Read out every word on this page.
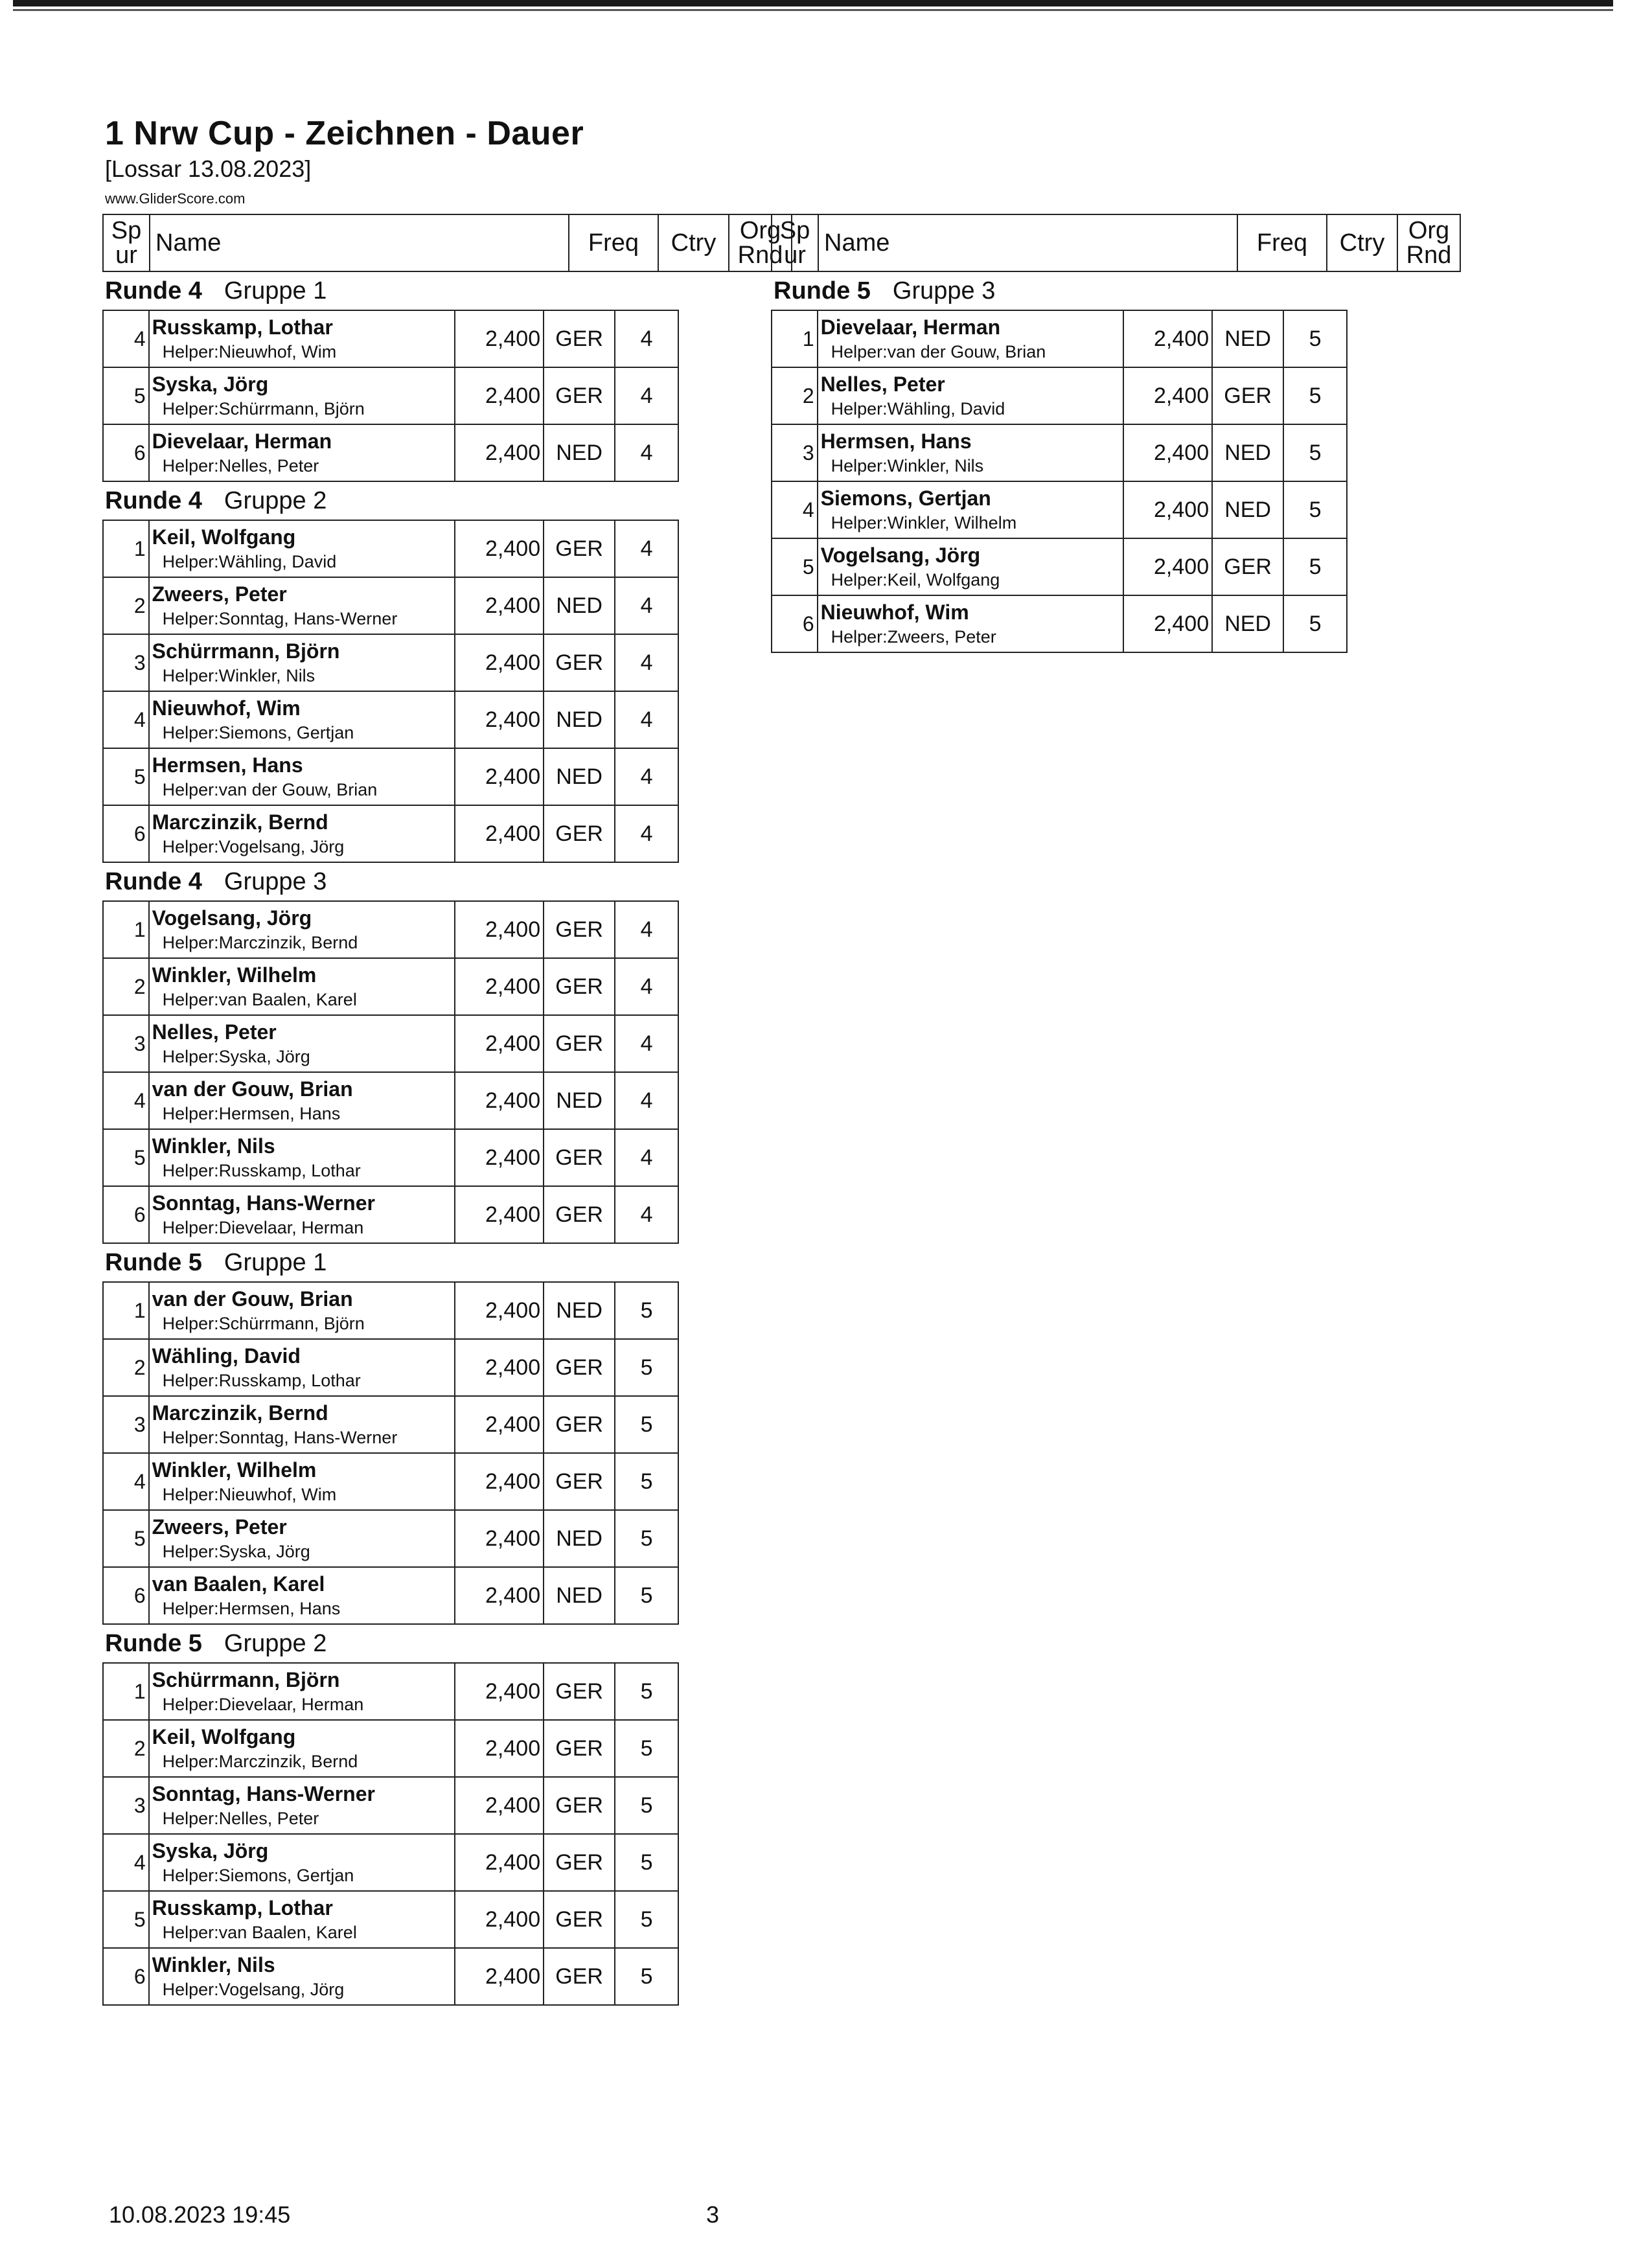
1 Nrw Cup - Zeichnen - Dauer
[Lossar 13.08.2023]
www.GliderScore.com
Sp
ur	Name	Freq	Ctry	Org
Rnd
Runde 4 Gruppe 1
4	Russkamp, Lothar
Helper:Nieuwhof, Wim	2,400	GER	4
5	Syska, Jörg
Helper:Schürrmann, Björn	2,400	GER	4
6	Dievelaar, Herman
Helper:Nelles, Peter	2,400	NED	4
Runde 4 Gruppe 2
1	Keil, Wolfgang
Helper:Wähling, David	2,400	GER	4
2	Zweers, Peter
Helper:Sonntag, Hans-Werner	2,400	NED	4
3	Schürrmann, Björn
Helper:Winkler, Nils	2,400	GER	4
4	Nieuwhof, Wim
Helper:Siemons, Gertjan	2,400	NED	4
5	Hermsen, Hans
Helper:van der Gouw, Brian	2,400	NED	4
6	Marczinzik, Bernd
Helper:Vogelsang, Jörg	2,400	GER	4
Runde 4 Gruppe 3
1	Vogelsang, Jörg
Helper:Marczinzik, Bernd	2,400	GER	4
2	Winkler, Wilhelm
Helper:van Baalen, Karel	2,400	GER	4
3	Nelles, Peter
Helper:Syska, Jörg	2,400	GER	4
4	van der Gouw, Brian
Helper:Hermsen, Hans	2,400	NED	4
5	Winkler, Nils
Helper:Russkamp, Lothar	2,400	GER	4
6	Sonntag, Hans-Werner
Helper:Dievelaar, Herman	2,400	GER	4
Runde 5 Gruppe 1
1	van der Gouw, Brian
Helper:Schürrmann, Björn	2,400	NED	5
2	Wähling, David
Helper:Russkamp, Lothar	2,400	GER	5
3	Marczinzik, Bernd
Helper:Sonntag, Hans-Werner	2,400	GER	5
4	Winkler, Wilhelm
Helper:Nieuwhof, Wim	2,400	GER	5
5	Zweers, Peter
Helper:Syska, Jörg	2,400	NED	5
6	van Baalen, Karel
Helper:Hermsen, Hans	2,400	NED	5
Runde 5 Gruppe 2
1	Schürrmann, Björn
Helper:Dievelaar, Herman	2,400	GER	5
2	Keil, Wolfgang
Helper:Marczinzik, Bernd	2,400	GER	5
3	Sonntag, Hans-Werner
Helper:Nelles, Peter	2,400	GER	5
4	Syska, Jörg
Helper:Siemons, Gertjan	2,400	GER	5
5	Russkamp, Lothar
Helper:van Baalen, Karel	2,400	GER	5
6	Winkler, Nils
Helper:Vogelsang, Jörg	2,400	GER	5
Sp
ur	Name	Freq	Ctry	Org
Rnd
Runde 5 Gruppe 3
1	Dievelaar, Herman
Helper:van der Gouw, Brian	2,400	NED	5
2	Nelles, Peter
Helper:Wähling, David	2,400	GER	5
3	Hermsen, Hans
Helper:Winkler, Nils	2,400	NED	5
4	Siemons, Gertjan
Helper:Winkler, Wilhelm	2,400	NED	5
5	Vogelsang, Jörg
Helper:Keil, Wolfgang	2,400	GER	5
6	Nieuwhof, Wim
Helper:Zweers, Peter	2,400	NED	5
10.08.2023 19:45	3
